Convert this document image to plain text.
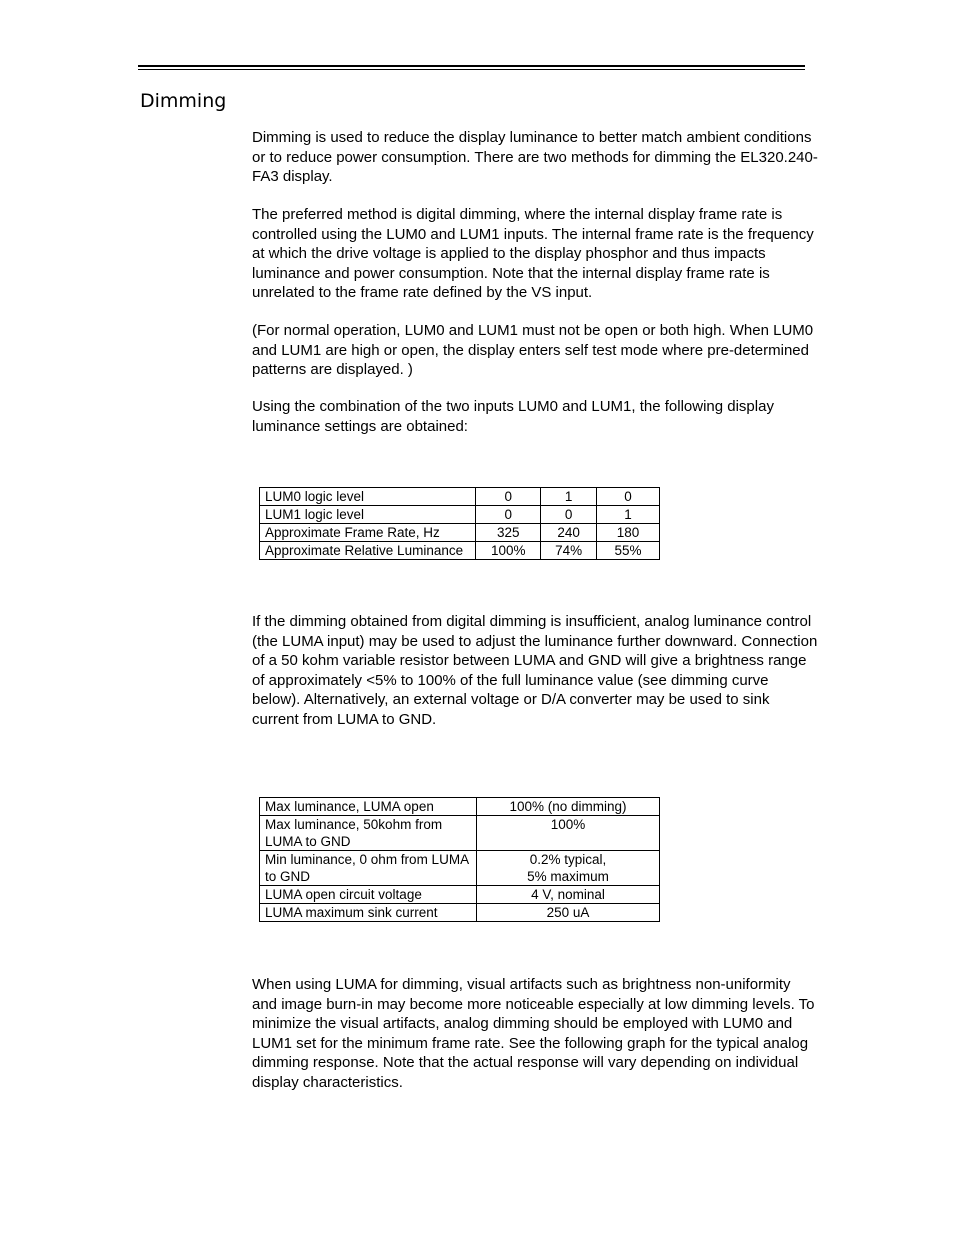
Dimming

Dimming is used to reduce the display luminance to better match ambient conditions or to reduce power consumption. There are two methods for dimming the EL320.240-FA3 display.

The preferred method is digital dimming, where the internal display frame rate is controlled using the LUM0 and LUM1 inputs. The internal frame rate is the frequency at which the drive voltage is applied to the display phosphor and thus impacts luminance and power consumption. Note that the internal display frame rate is unrelated to the frame rate defined by the VS input.

(For normal operation, LUM0 and LUM1 must not be open or both high. When LUM0 and LUM1 are high or open, the display enters self test mode where pre-determined patterns are displayed. )

Using the combination of the two inputs LUM0 and LUM1, the following display luminance settings are obtained:

LUM0 logic level	0	1	0
LUM1 logic level	0	0	1
Approximate Frame Rate, Hz	325	240	180
Approximate Relative Luminance	100%	74%	55%

If the dimming obtained from digital dimming is insufficient, analog luminance control (the LUMA input) may be used to adjust the luminance further downward. Connection of a 50 kohm variable resistor between LUMA and GND will give a brightness range of approximately <5% to 100% of the full luminance value (see dimming curve below). Alternatively, an external voltage or D/A converter may be used to sink current from LUMA to GND.

Max luminance, LUMA open	100% (no dimming)
Max luminance, 50kohm from LUMA to GND	100%
Min luminance, 0 ohm from LUMA to GND	0.2% typical,
5% maximum

LUMA open circuit voltage	4 V, nominal
LUMA maximum sink current	250 uA

When using LUMA for dimming, visual artifacts such as brightness non-uniformity and image burn-in may become more noticeable especially at low dimming levels. To minimize the visual artifacts, analog dimming should be employed with LUM0 and LUM1 set for the minimum frame rate. See the following graph for the typical analog dimming response. Note that the actual response will vary depending on individual display characteristics.
